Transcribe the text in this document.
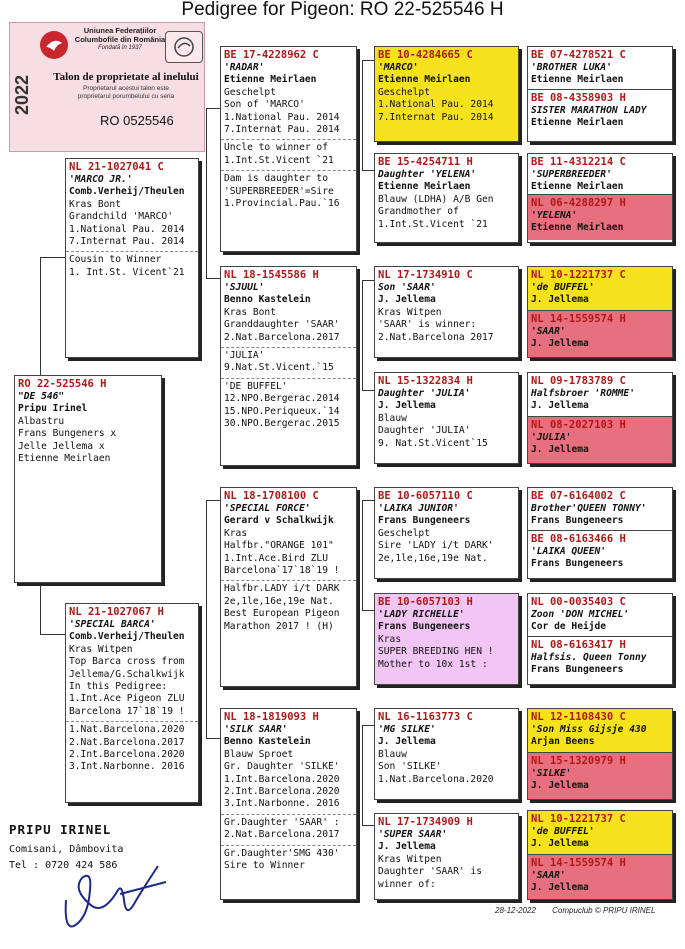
Pedigree for Pigeon: RO 22-525546 H
Uniunea Federațiilor
Columbofile din România
Fondată în 1937
2022	Talon de proprietate al inelului
Proprietarul acestui talon este
proprietarul porumbelului cu seria
RO 0525546
RO 22-525546 H
"DE 546"
Pripu Irinel
Albastru
Frans Bungeners x
Jelle Jellema x
Etienne Meirlaen
NL 21-1027041 C
'MARCO JR.'
Comb.Verheij/Theulen
Kras Bont
Grandchild 'MARCO'
1.National Pau. 2014
7.Internat Pau. 2014
Cousin to Winner
1. Int.St. Vicent`21
NL 21-1027067 H
'SPECIAL BARCA'
Comb.Verheij/Theulen
Kras Witpen
Top Barca cross from
Jellema/G.Schalkwijk
In this Pedigree:
1.Int.Ace Pigeon ZLU
Barcelona 17`18`19 !
1.Nat.Barcelona.2020
2.Nat.Barcelona.2017
2.Int.Barcelona.2020
3.Int.Narbonne. 2016
BE 17-4228962 C
'RADAR'
Etienne Meirlaen
Geschelpt
Son of 'MARCO'
1.National Pau. 2014
7.Internat Pau. 2014
Uncle to winner of
1.Int.St.Vicent `21
Dam is daughter to
'SUPERBREEDER'=Sire
1.Provincial.Pau.`16
NL 18-1545586 H
'SJUUL'
Benno Kastelein
Kras Bont
Granddaughter 'SAAR'
2.Nat.Barcelona.2017
'JULIA'
9.Nat.St.Vicent.`15
'DE BUFFEL'
12.NPO.Bergerac.2014
15.NPO.Periqueux.`14
30.NPO.Bergerac.2015
NL 18-1708100 C
'SPECIAL FORCE'
Gerard v Schalkwijk
Kras
Halfbr."ORANGE 101"
1.Int.Ace.Bird ZLU
Barcelona`17`18`19 !
Halfbr.LADY i/t DARK
2e,1le,16e,19e Nat.
Best European Pigeon
Marathon 2017 ! (H)
NL 18-1819093 H
'SILK SAAR'
Benno Kastelein
Blauw Sproet
Gr. Daughter 'SILKE'
1.Int.Barcelona.2020
2.Int.Barcelona.2020
3.Int.Narbonne. 2016
Gr.Daughter 'SAAR' :
2.Nat.Barcelona.2017
Gr.Daughter'SMG 430'
Sire to Winner
BE 10-4284665 C
'MARCO'
Etienne Meirlaen
Geschelpt
1.National Pau. 2014
7.Internat Pau. 2014
BE 15-4254711 H
Daughter 'YELENA'
Etienne Meirlaen
Blauw (LDHA) A/B Gen
Grandmother of
1.Int.St.Vicent `21
NL 17-1734910 C
Son 'SAAR'
J. Jellema
Kras Witpen
'SAAR' is winner:
2.Nat.Barcelona 2017
NL 15-1322834 H
Daughter 'JULIA'
J. Jellema
Blauw
Daughter 'JULIA'
9. Nat.St.Vicent`15
BE 10-6057110 C
'LAIKA JUNIOR'
Frans Bungeneers
Geschelpt
Sire 'LADY i/t DARK'
2e,1le,16e,19e Nat.
BE 10-6057103 H
'LADY RICHELLE'
Frans Bungeneers
Kras
SUPER BREEDING HEN !
Mother to 10x 1st :
NL 16-1163773 C
'MG SILKE'
J. Jellema
Blauw
Son 'SILKE'
1.Nat.Barcelona.2020
NL 17-1734909 H
'SUPER SAAR'
J. Jellema
Kras Witpen
Daughter 'SAAR' is
winner of:
BE 07-4278521 C
'BROTHER LUKA'
Etienne Meirlaen
BE 08-4358903 H
SISTER MARATHON LADY
Etienne Meirlaen
BE 11-4312214 C
'SUPERBREEDER'
Etienne Meirlaen
NL 06-4288297 H
'YELENA'
Etienne Meirlaen
NL 10-1221737 C
'de BUFFEL'
J. Jellema
NL 14-1559574 H
'SAAR'
J. Jellema
NL 09-1783789 C
Halfsbroer 'ROMME'
J. Jellema
NL 08-2027103 H
'JULIA'
J. Jellema
BE 07-6164002 C
Brother'QUEEN TONNY'
Frans Bungeneers
BE 08-6163466 H
'LAIKA QUEEN'
Frans Bungeneers
NL 00-0035403 C
Zoon 'DON MICHEL'
Cor de Heijde
NL 08-6163417 H
Halfsis. Queen Tonny
Frans Bungeneers
NL 12-1108430 C
'Son Miss Gijsje 430
Arjan Beens
NL 15-1320979 H
'SILKE'
J. Jellema
NL 10-1221737 C
'de BUFFEL'
J. Jellema
NL 14-1559574 H
'SAAR'
J. Jellema
PRIPU IRINEL
Comisani, Dâmbovita
Tel : 0720 424 586
28-12-2022 Compuclub © PRIPU IRINEL
